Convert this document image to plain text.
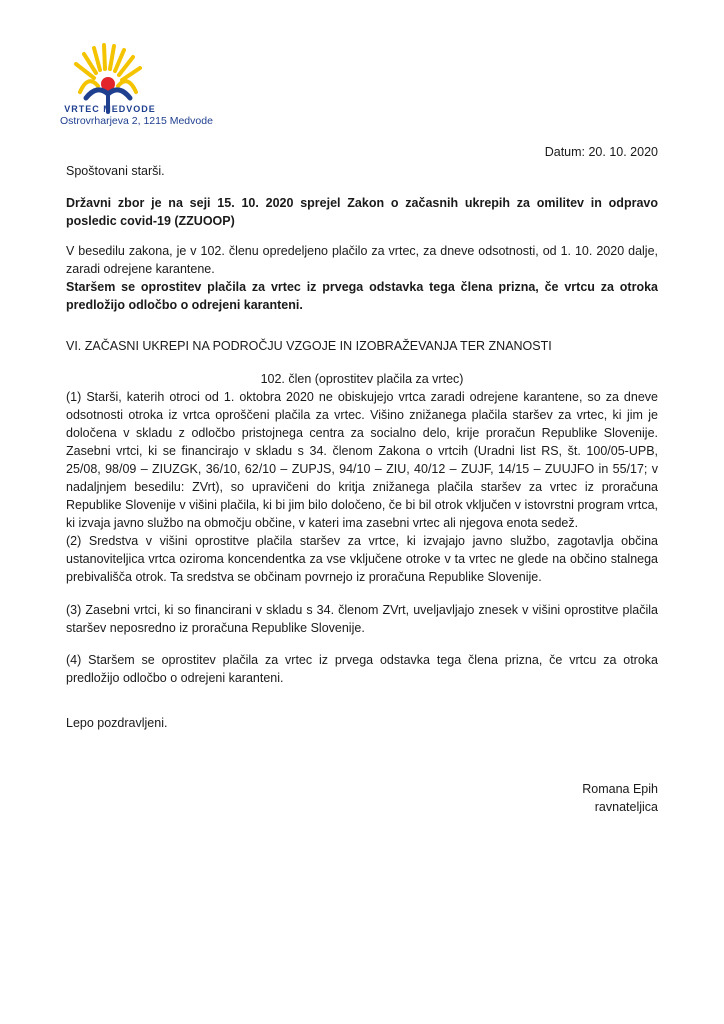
VRTEC MEDVODE
Ostrovrharjeva 2, 1215 Medvode
Datum: 20. 10. 2020
Spoštovani starši.
Državni zbor je na seji 15. 10. 2020 sprejel Zakon o začasnih ukrepih za omilitev in odpravo posledic covid-19 (ZZUOOP)
V besedilu zakona, je v 102. členu opredeljeno plačilo za vrtec, za dneve odsotnosti, od 1. 10. 2020 dalje, zaradi odrejene karantene.
Staršem se oprostitev plačila za vrtec iz prvega odstavka tega člena prizna, če vrtcu za otroka predložijo odločbo o odrejeni karanteni.
VI. ZAČASNI UKREPI NA PODROČJU VZGOJE IN IZOBRAŽEVANJA TER ZNANOSTI
102. člen (oprostitev plačila za vrtec)
(1) Starši, katerih otroci od 1. oktobra 2020 ne obiskujejo vrtca zaradi odrejene karantene, so za dneve odsotnosti otroka iz vrtca oproščeni plačila za vrtec. Višino znižanega plačila staršev za vrtec, ki jim je določena v skladu z odločbo pristojnega centra za socialno delo, krije proračun Republike Slovenije. Zasebni vrtci, ki se financirajo v skladu s 34. členom Zakona o vrtcih (Uradni list RS, št. 100/05-UPB, 25/08, 98/09 – ZIUZGK, 36/10, 62/10 – ZUPJS, 94/10 – ZIU, 40/12 – ZUJF, 14/15 – ZUUJFO in 55/17; v nadaljnjem besedilu: ZVrt), so upravičeni do kritja znižanega plačila staršev za vrtec iz proračuna Republike Slovenije v višini plačila, ki bi jim bilo določeno, če bi bil otrok vključen v istovrstni program vrtca, ki izvaja javno službo na območju občine, v kateri ima zasebni vrtec ali njegova enota sedež.
(2) Sredstva v višini oprostitve plačila staršev za vrtce, ki izvajajo javno službo, zagotavlja občina ustanoviteljica vrtca oziroma koncendentka za vse vključene otroke v ta vrtec ne glede na občino stalnega prebivališča otrok. Ta sredstva se občinam povrnejo iz proračuna Republike Slovenije.
(3) Zasebni vrtci, ki so financirani v skladu s 34. členom ZVrt, uveljavljajo znesek v višini oprostitve plačila staršev neposredno iz proračuna Republike Slovenije.
(4) Staršem se oprostitev plačila za vrtec iz prvega odstavka tega člena prizna, če vrtcu za otroka predložijo odločbo o odrejeni karanteni.
Lepo pozdravljeni.
Romana Epih
ravnateljica
